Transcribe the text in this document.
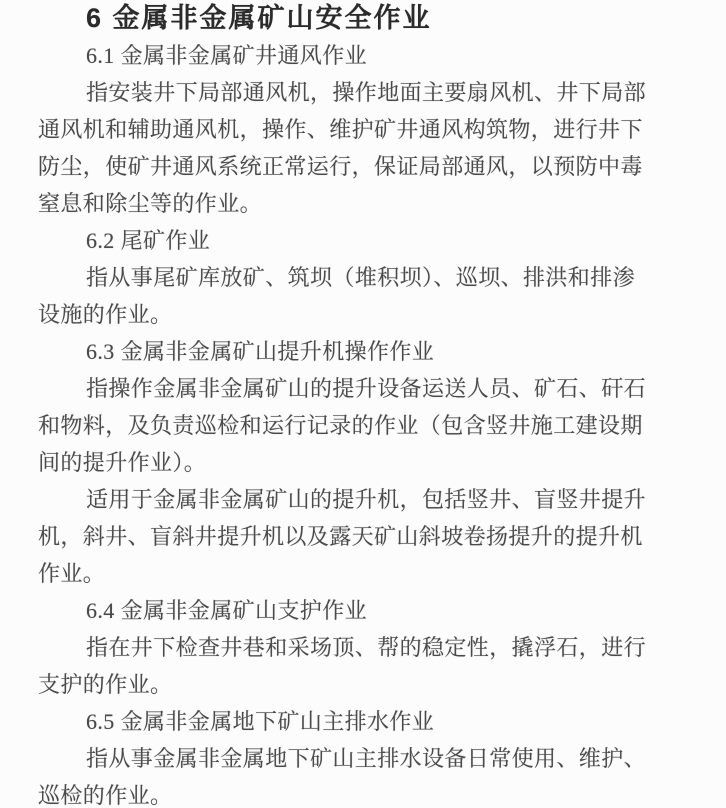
6 金属非金属矿山安全作业
6.1 金属非金属矿井通风作业
指安装井下局部通风机，操作地面主要扇风机、井下局部
通风机和辅助通风机，操作、维护矿井通风构筑物，进行井下
防尘，使矿井通风系统正常运行，保证局部通风，以预防中毒
窒息和除尘等的作业。
6.2 尾矿作业
指从事尾矿库放矿、筑坝（堆积坝）、巡坝、排洪和排渗
设施的作业。
6.3 金属非金属矿山提升机操作作业
指操作金属非金属矿山的提升设备运送人员、矿石、矸石
和物料，及负责巡检和运行记录的作业（包含竖井施工建设期
间的提升作业）。
适用于金属非金属矿山的提升机，包括竖井、盲竖井提升
机，斜井、盲斜井提升机以及露天矿山斜坡卷扬提升的提升机
作业。
6.4 金属非金属矿山支护作业
指在井下检查井巷和采场顶、帮的稳定性，撬浮石，进行
支护的作业。
6.5 金属非金属地下矿山主排水作业
指从事金属非金属地下矿山主排水设备日常使用、维护、
巡检的作业。
